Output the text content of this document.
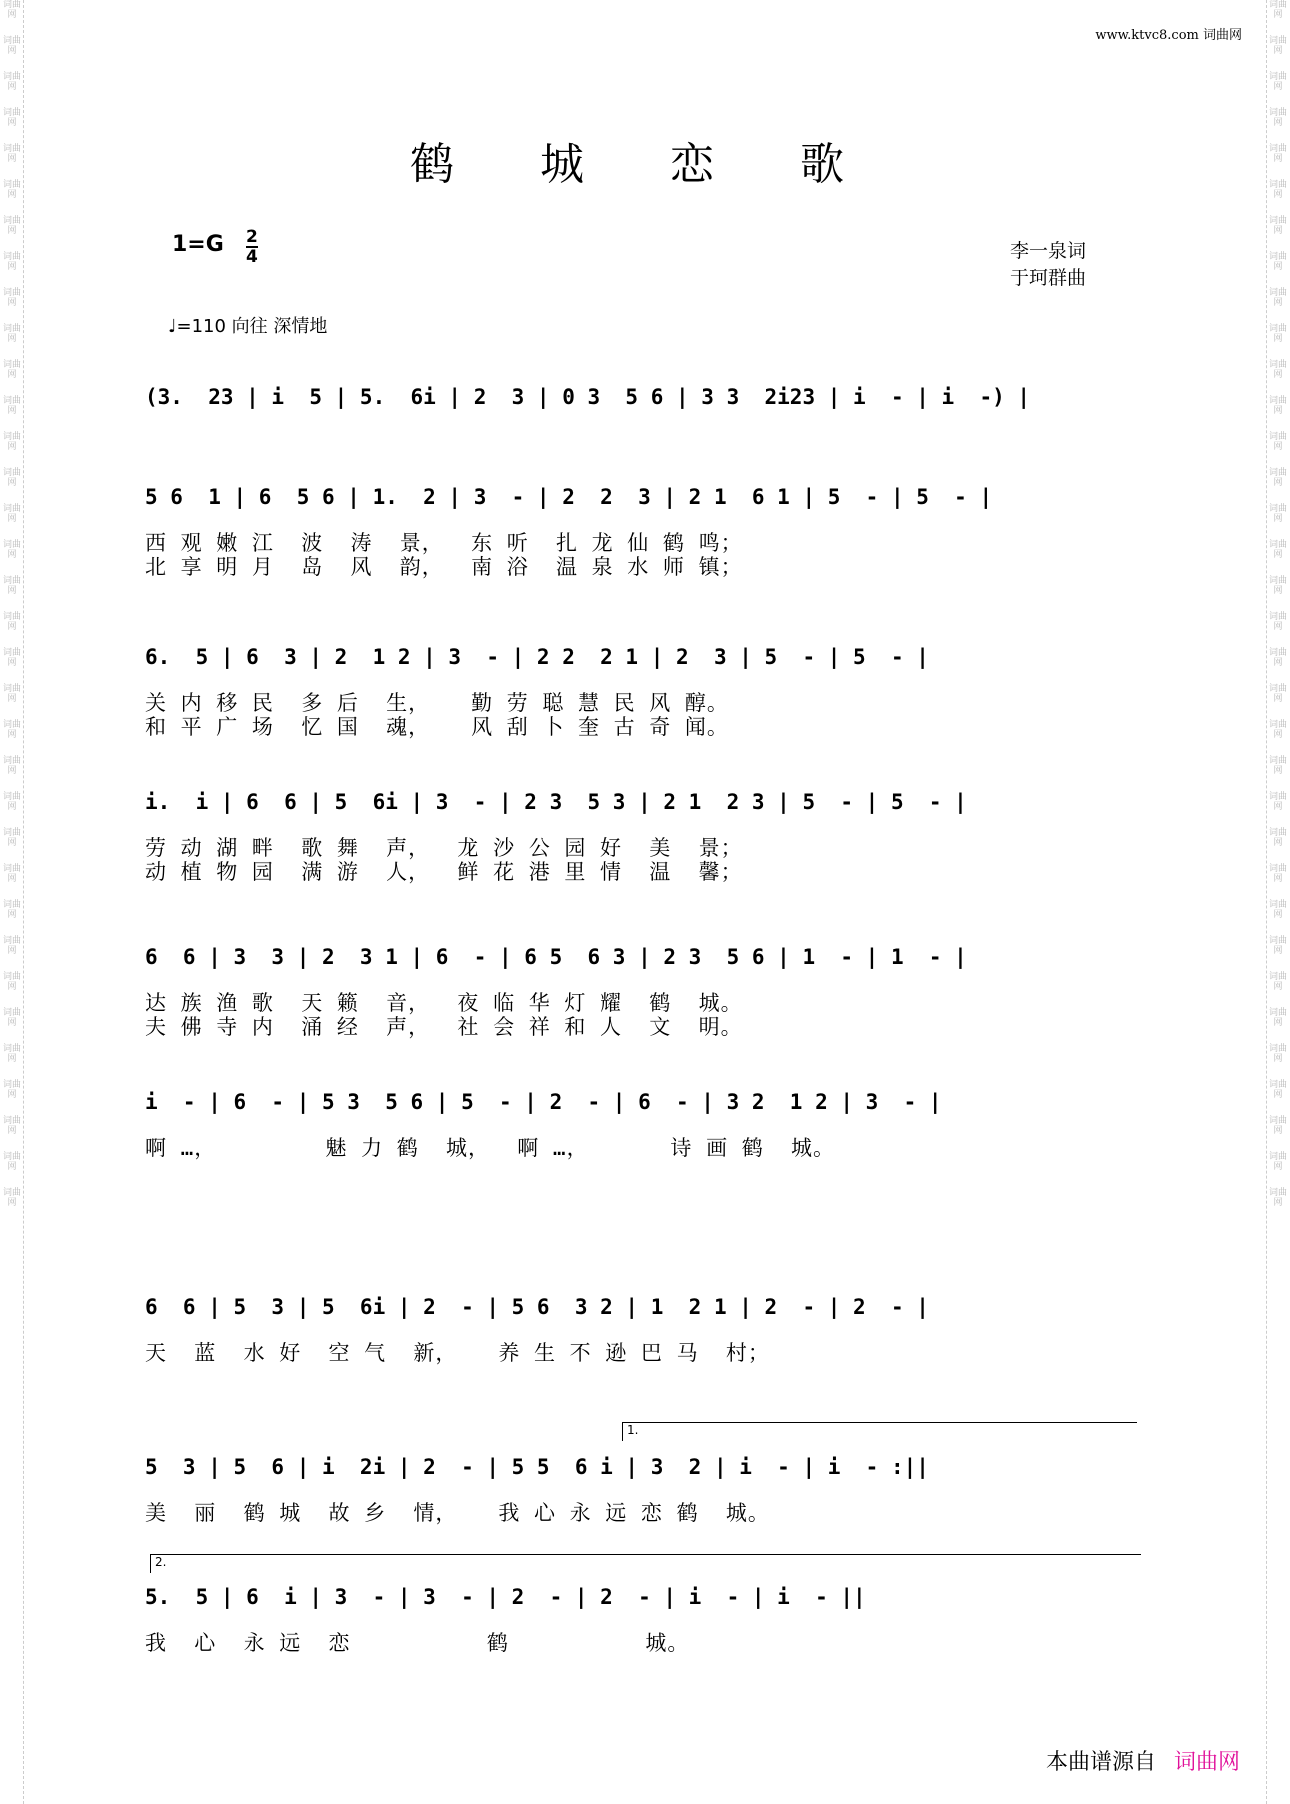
词曲网
词曲网
词曲网
词曲网
词曲网
词曲网
词曲网
词曲网
词曲网
词曲网
词曲网
词曲网
词曲网
词曲网
词曲网
词曲网
词曲网
词曲网
词曲网
词曲网
词曲网
词曲网
词曲网
词曲网
词曲网
词曲网
词曲网
词曲网
词曲网
词曲网
词曲网
词曲网
词曲网
词曲网
词曲网
词曲网
词曲网
词曲网
词曲网
词曲网
词曲网
词曲网
词曲网
词曲网
词曲网
词曲网
词曲网
词曲网
词曲网
词曲网
词曲网
词曲网
词曲网
词曲网
词曲网
词曲网
词曲网
词曲网
词曲网
词曲网
词曲网
词曲网
词曲网
词曲网
词曲网
词曲网
词曲网
词曲网
www.ktvc8.com 词曲网
鹤 城 恋 歌
$1=G \frac{2}{4}$	李一泉词
于珂群曲
♩=110 向往 深情地
(3.  23 | i  5 | 5.  6i | 2  3 | 0 3  5 6 | 3 3  2i23 | i  - | i  -) |
5 6  1 | 6  5 6 | 1.  2 | 3  - | 2  2  3 | 2 1  6 1 | 5  - | 5  - |
西 观 嫩 江  波  涛  景，  东 听  扎 龙 仙 鹤 鸣；
北 享 明 月  岛  风  韵，  南 浴  温 泉 水 师 镇；
6.  5 | 6  3 | 2  1 2 | 3  - | 2 2  2 1 | 2  3 | 5  - | 5  - |
关 内 移 民  多 后  生，   勤 劳 聪 慧 民 风 醇。
和 平 广 场  忆 国  魂，   风 刮 卜 奎 古 奇 闻。
i.  i | 6  6 | 5  6i | 3  - | 2 3  5 3 | 2 1  2 3 | 5  - | 5  - |
劳 动 湖 畔  歌 舞  声，  龙 沙 公 园 好  美  景；
动 植 物 园  满 游  人，  鲜 花 港 里 情  温  馨；
6  6 | 3  3 | 2  3 1 | 6  - | 6 5  6 3 | 2 3  5 6 | 1  - | 1  - |
达 族 渔 歌  天 籁  音，  夜 临 华 灯 耀  鹤  城。
夫 佛 寺 内  涌 经  声，  社 会 祥 和 人  文  明。
i  - | 6  - | 5 3  5 6 | 5  - | 2  - | 6  - | 3 2  1 2 | 3  - |
啊 …，        魅 力 鹤  城，  啊 …，      诗 画 鹤  城。
6  6 | 5  3 | 5  6i | 2  - | 5 6  3 2 | 1  2 1 | 2  - | 2  - |
天  蓝  水 好  空 气  新，   养 生 不 逊 巴 马  村；
5  3 | 5  6 | i  2i | 2  - | 5 5  6 i | 3  2 | i  - | i  - :||
美  丽  鹤 城  故 乡  情，   我 心 永 远 恋 鹤  城。
5.  5 | 6  i | 3  - | 3  - | 2  - | 2  - | i  - | i  - ||
我  心  永 远  恋          鹤          城。
1.
2.
本曲谱源自 词曲网
